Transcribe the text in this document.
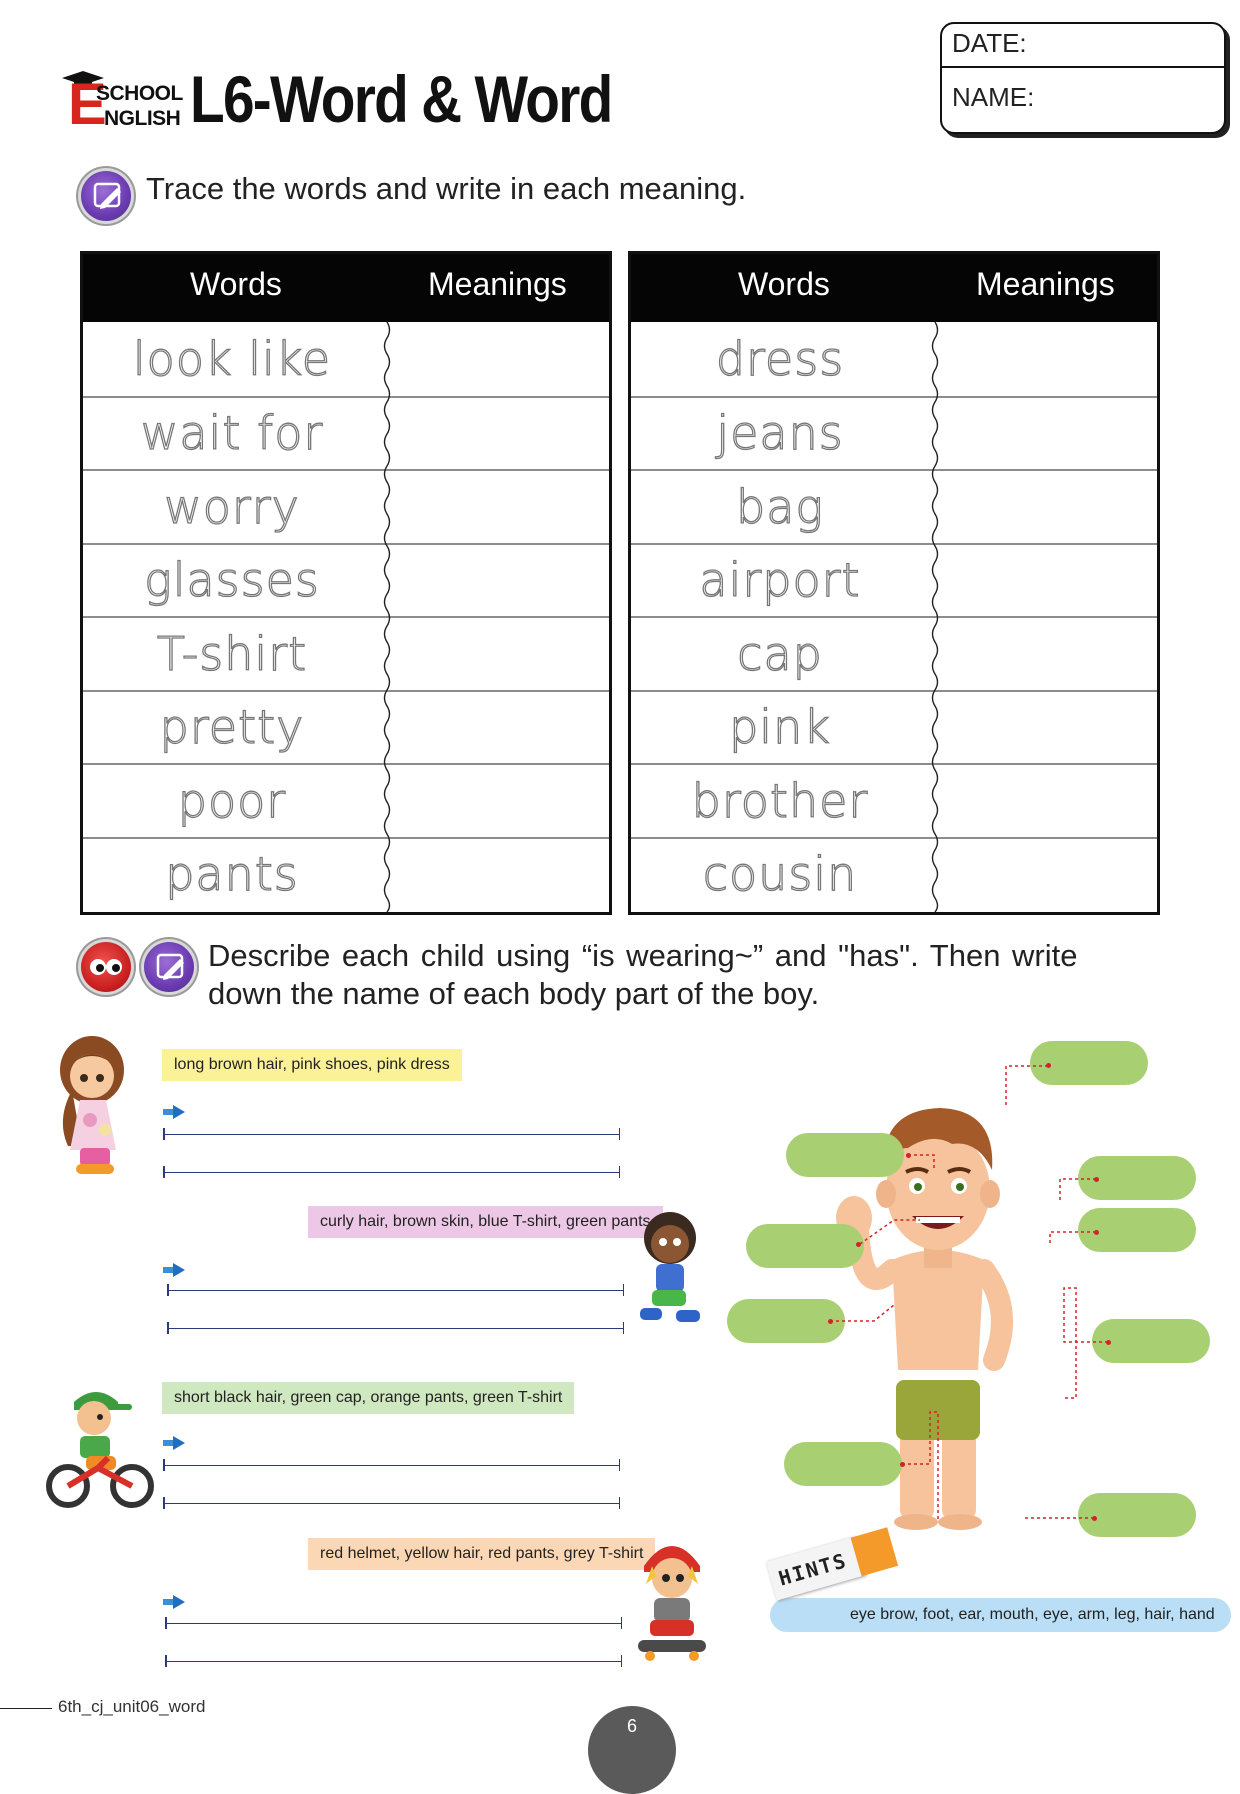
E
SCHOOL
NGLISH L6-Word & Word
DATE:
NAME:
Trace the words and write in each meaning.
Words	Meanings
look like
wait for
worry
glasses
T-shirt
pretty
poor
pants
Words	Meanings
dress
jeans
bag
airport
cap
pink
brother
cousin
Describe each child using “is wearing~” and "has". Then write
down the name of each body part of the boy.
long brown hair, pink shoes, pink dress
curly hair, brown skin, blue T-shirt, green pants
short black hair, green cap, orange pants, green T-shirt
red helmet, yellow hair, red pants, grey T-shirt
eye brow, foot, ear, mouth, eye, arm, leg, hair, hand
HINTS
6th_cj_unit06_word
6
